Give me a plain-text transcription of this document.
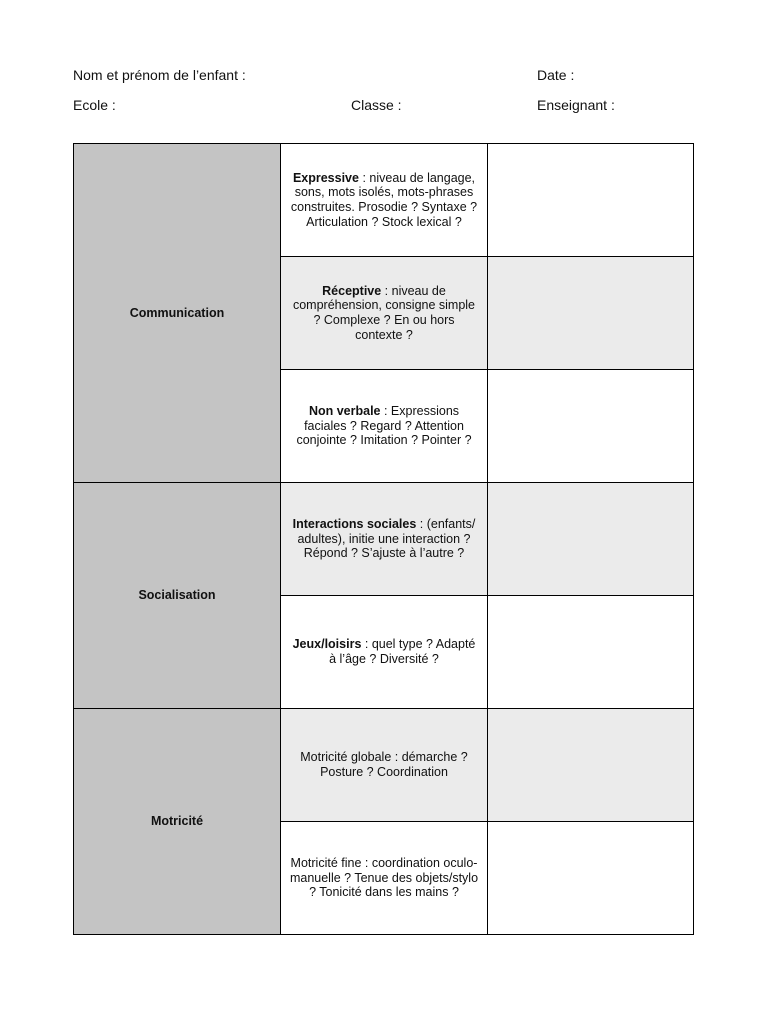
Nom et prénom de l’enfant :	Date :
Ecole :	Classe :	Enseignant :
Communication	Expressive : niveau de langage, sons, mots isolés, mots-phrases construites. Prosodie ? Syntaxe ? Articulation ? Stock lexical ?	
	Réceptive : niveau de compréhension, consigne simple ? Complexe ? En ou hors contexte ?	
	Non verbale : Expressions faciales ? Regard ? Attention conjointe ? Imitation ? Pointer ?	
Socialisation	Interactions sociales : (enfants/ adultes), initie une interaction ? Répond ? S’ajuste à l’autre ?	
	Jeux/loisirs : quel type ? Adapté à l’âge ? Diversité ?	
Motricité	Motricité globale : démarche ? Posture ? Coordination	
	Motricité fine : coordination oculo-manuelle ? Tenue des objets/stylo ? Tonicité dans les mains ?	
